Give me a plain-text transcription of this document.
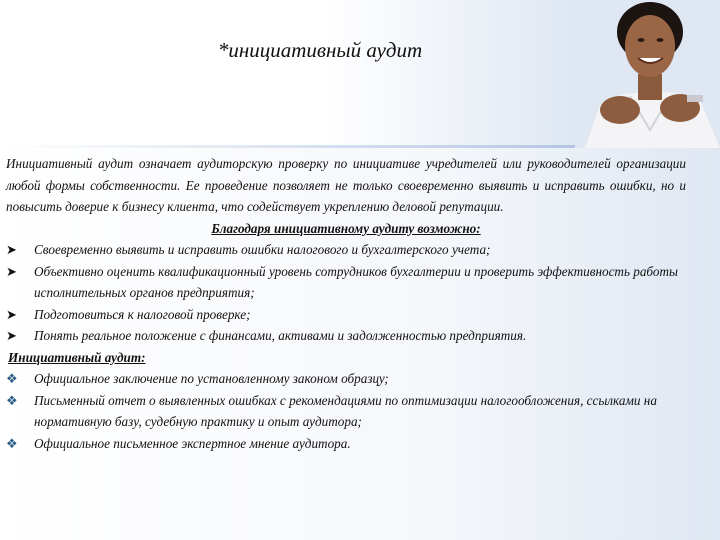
*инициативный аудит

Инициативный аудит означает аудиторскую проверку по инициативе учредителей или руководителей организации любой формы собственности. Ее проведение позволяет не только своевременно выявить и исправить ошибки, но и повысить доверие к бизнесу клиента, что содействует укреплению деловой репутации.

Благодаря инициативному аудиту возможно:

➤	Своевременно выявить и исправить ошибки налогового и бухгалтерского учета;
➤	Объективно оценить квалификационный уровень сотрудников бухгалтерии и проверить эффективность работы исполнительных органов предприятия;
➤	Подготовиться к налоговой проверке;
➤	Понять реальное положение с финансами, активами и задолженностью предприятия.

Инициативный аудит:

❖	Официальное заключение по установленному законом образцу;
❖	Письменный отчет о выявленных ошибках с рекомендациями по оптимизации налогообложения, ссылками на нормативную базу, судебную практику и опыт аудитора;
❖	Официальное письменное экспертное мнение аудитора.
